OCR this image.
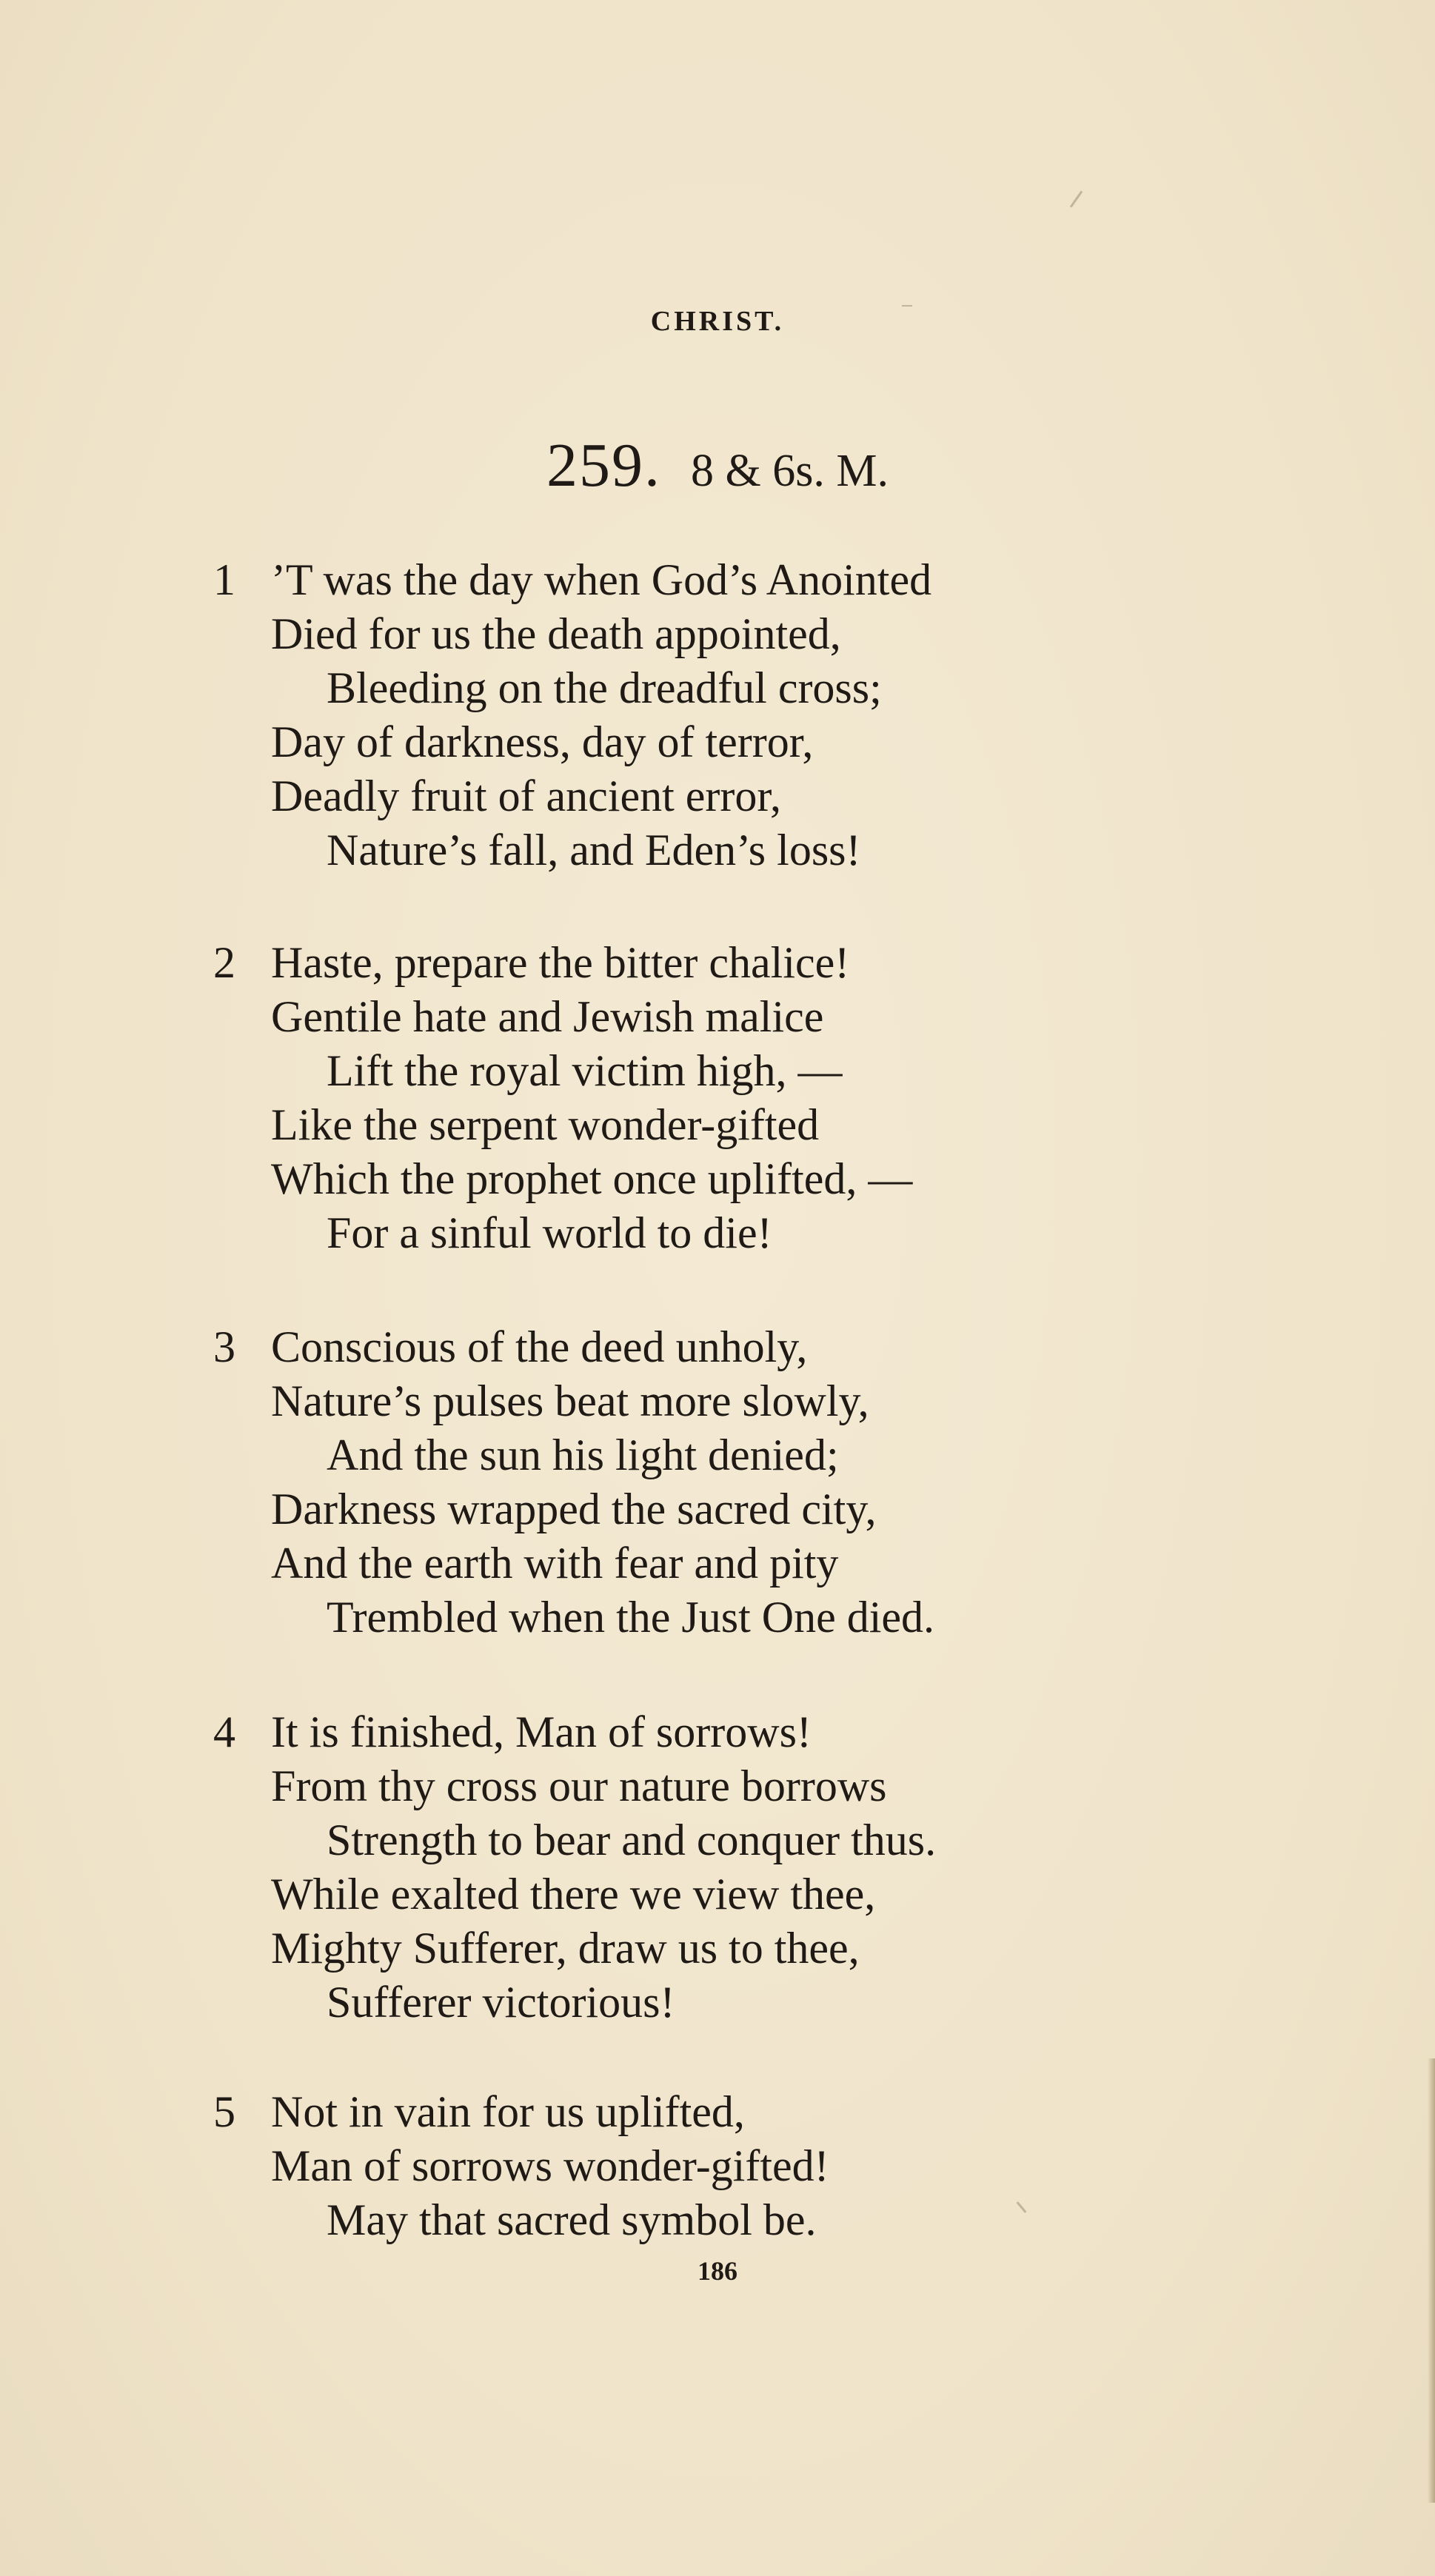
CHRIST.
259. 8 & 6s. M.
1 ’T was the day when God’s Anointed
Died for us the death appointed,
Bleeding on the dreadful cross;
Day of darkness, day of terror,
Deadly fruit of ancient error,
Nature’s fall, and Eden’s loss!
2 Haste, prepare the bitter chalice!
Gentile hate and Jewish malice
Lift the royal victim high, —
Like the serpent wonder-gifted
Which the prophet once uplifted, —
For a sinful world to die!
3 Conscious of the deed unholy,
Nature’s pulses beat more slowly,
And the sun his light denied;
Darkness wrapped the sacred city,
And the earth with fear and pity
Trembled when the Just One died.
4 It is finished, Man of sorrows!
From thy cross our nature borrows
Strength to bear and conquer thus.
While exalted there we view thee,
Mighty Sufferer, draw us to thee,
Sufferer victorious!
5 Not in vain for us uplifted,
Man of sorrows wonder-gifted!
May that sacred symbol be.
186
